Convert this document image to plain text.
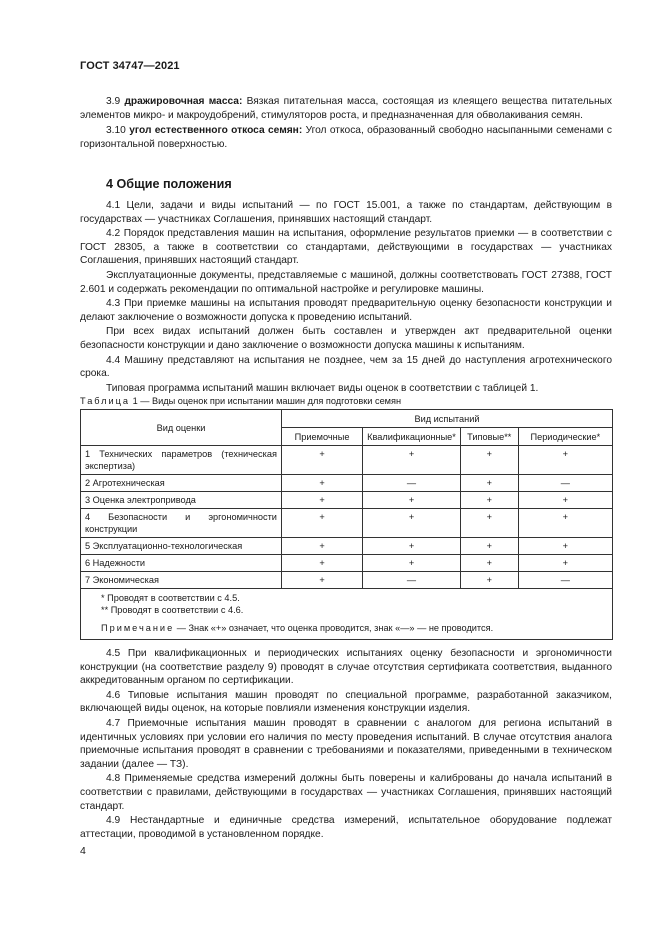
ГОСТ 34747—2021

3.9 дражировочная масса: Вязкая питательная масса, состоящая из клеящего вещества питательных элементов микро- и макроудобрений, стимуляторов роста, и предназначенная для обволакивания семян.

3.10 угол естественного откоса семян: Угол откоса, образованный свободно насыпанными семенами с горизонтальной поверхностью.

4 Общие положения

4.1 Цели, задачи и виды испытаний — по ГОСТ 15.001, а также по стандартам, действующим в государствах — участниках Соглашения, принявших настоящий стандарт.

4.2 Порядок представления машин на испытания, оформление результатов приемки — в соответствии с ГОСТ 28305, а также в соответствии со стандартами, действующими в государствах — участниках Соглашения, принявших настоящий стандарт.

Эксплуатационные документы, представляемые с машиной, должны соответствовать ГОСТ 27388, ГОСТ 2.601 и содержать рекомендации по оптимальной настройке и регулировке машины.

4.3 При приемке машины на испытания проводят предварительную оценку безопасности конструкции и делают заключение о возможности допуска к проведению испытаний.

При всех видах испытаний должен быть составлен и утвержден акт предварительной оценки безопасности конструкции и дано заключение о возможности допуска машины к испытаниям.

4.4 Машину представляют на испытания не позднее, чем за 15 дней до наступления агротехнического срока.

Типовая программа испытаний машин включает виды оценок в соответствии с таблицей 1.

Таблица 1 — Виды оценок при испытании машин для подготовки семян
Вид оценки	Вид испытаний			
	Приемочные	Квалификационные*	Типовые**	Периодические*
1 Технических параметров (техническая экспертиза)	+	+	+	+
2 Агротехническая	+	—	+	—
3 Оценка электропривода	+	+	+	+
4 Безопасности и эргономичности конструкции	+	+	+	+
5 Эксплуатационно-технологическая	+	+	+	+
6 Надежности	+	+	+	+
7 Экономическая	+	—	+	—

* Проводят в соответствии с 4.5.
** Проводят в соответствии с 4.6.
Примечание — Знак «+» означает, что оценка проводится, знак «—» — не проводится.				

4.5 При квалификационных и периодических испытаниях оценку безопасности и эргономичности конструкции (на соответствие разделу 9) проводят в случае отсутствия сертификата соответствия, выданного аккредитованным органом по сертификации.

4.6 Типовые испытания машин проводят по специальной программе, разработанной заказчиком, включающей виды оценок, на которые повлияли изменения конструкции изделия.

4.7 Приемочные испытания машин проводят в сравнении с аналогом для региона испытаний в идентичных условиях при условии его наличия по месту проведения испытаний. В случае отсутствия аналога приемочные испытания проводят в сравнении с требованиями и показателями, приведенными в техническом задании (далее — ТЗ).

4.8 Применяемые средства измерений должны быть поверены и калиброваны до начала испытаний в соответствии с правилами, действующими в государствах — участниках Соглашения, принявших настоящий стандарт.

4.9 Нестандартные и единичные средства измерений, испытательное оборудование подлежат аттестации, проводимой в установленном порядке.

4
